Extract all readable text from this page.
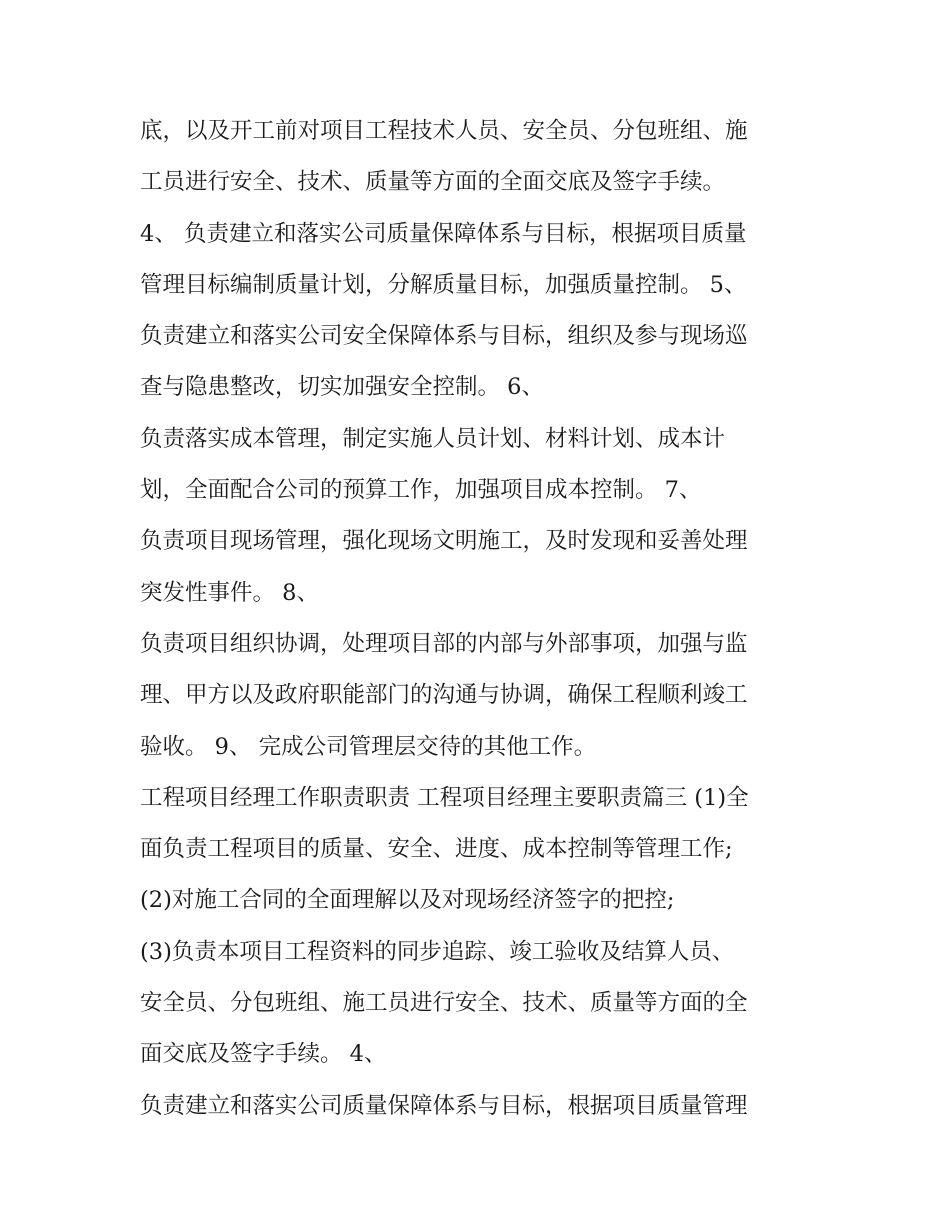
底，以及开工前对项目工程技术人员、安全员、分包班组、施
工员进行安全、技术、质量等方面的全面交底及签字手续。
4、 负责建立和落实公司质量保障体系与目标，根据项目质量
管理目标编制质量计划，分解质量目标，加强质量控制。 5、
负责建立和落实公司安全保障体系与目标，组织及参与现场巡
查与隐患整改，切实加强安全控制。 6、
负责落实成本管理，制定实施人员计划、材料计划、成本计
划，全面配合公司的预算工作，加强项目成本控制。 7、
负责项目现场管理，强化现场文明施工，及时发现和妥善处理
突发性事件。 8、
负责项目组织协调，处理项目部的内部与外部事项，加强与监
理、甲方以及政府职能部门的沟通与协调，确保工程顺利竣工
验收。 9、 完成公司管理层交待的其他工作。
工程项目经理工作职责职责 工程项目经理主要职责篇三 (1)全
面负责工程项目的质量、安全、进度、成本控制等管理工作;
(2)对施工合同的全面理解以及对现场经济签字的把控;
(3)负责本项目工程资料的同步追踪、竣工验收及结算人员、
安全员、分包班组、施工员进行安全、技术、质量等方面的全
面交底及签字手续。 4、
负责建立和落实公司质量保障体系与目标，根据项目质量管理
